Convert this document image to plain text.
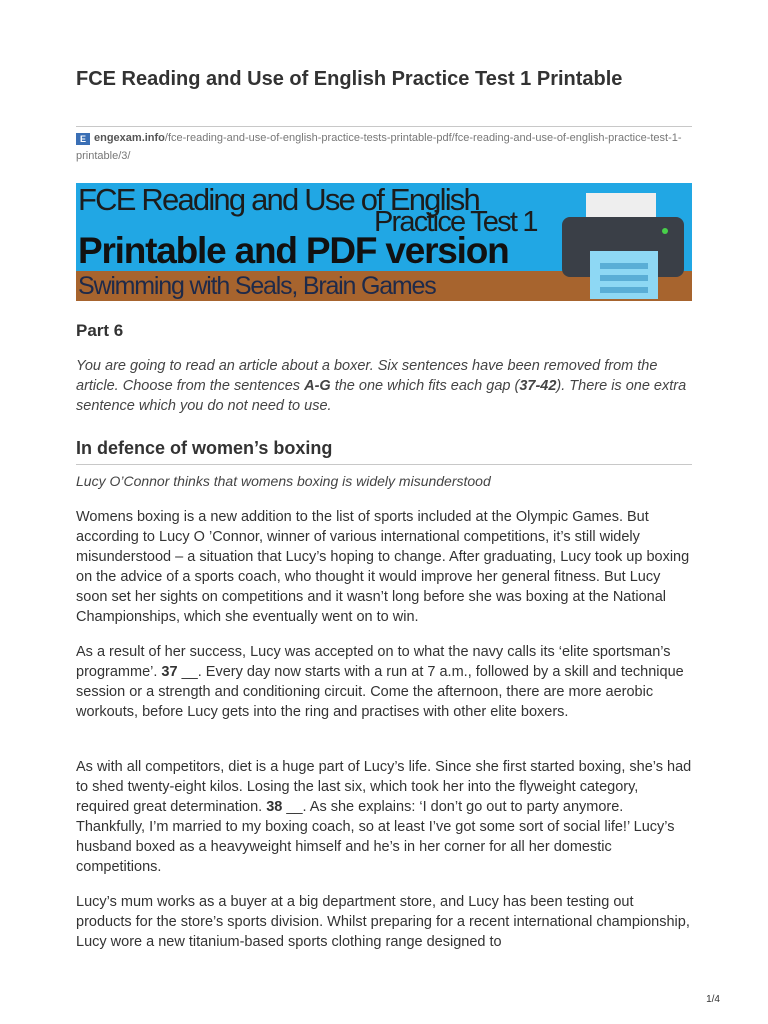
FCE Reading and Use of English Practice Test 1 Printable
E engexam.info/fce-reading-and-use-of-english-practice-tests-printable-pdf/fce-reading-and-use-of-english-practice-test-1-printable/3/
FCE Reading and Use of English
Practice Test 1
Printable and PDF version
Swimming with Seals, Brain Games
Part 6

You are going to read an article about a boxer. Six sentences have been removed from the article. Choose from the sentences A-G the one which fits each gap (37-42). There is one extra sentence which you do not need to use.

In defence of women’s boxing

Lucy O’Connor thinks that womens boxing is widely misunderstood

Womens boxing is a new addition to the list of sports included at the Olympic Games. But according to Lucy O ’Connor, winner of various international competitions, it’s still widely misunderstood – a situation that Lucy’s hoping to change. After graduating, Lucy took up boxing on the advice of a sports coach, who thought it would improve her general fitness. But Lucy soon set her sights on competitions and it wasn’t long before she was boxing at the National Championships, which she eventually went on to win.

As a result of her success, Lucy was accepted on to what the navy calls its ‘elite sportsman’s programme’. 37 __. Every day now starts with a run at 7 a.m., followed by a skill and technique session or a strength and conditioning circuit. Come the afternoon, there are more aerobic workouts, before Lucy gets into the ring and practises with other elite boxers.

As with all competitors, diet is a huge part of Lucy’s life. Since she first started boxing, she’s had to shed twenty-eight kilos. Losing the last six, which took her into the flyweight category, required great determination. 38 __. As she explains: ‘I don’t go out to party anymore. Thankfully, I’m married to my boxing coach, so at least I’ve got some sort of social life!’ Lucy’s husband boxed as a heavyweight himself and he’s in her corner for all her domestic competitions.

Lucy’s mum works as a buyer at a big department store, and Lucy has been testing out products for the store’s sports division. Whilst preparing for a recent international championship, Lucy wore a new titanium-based sports clothing range designed to

1/4
